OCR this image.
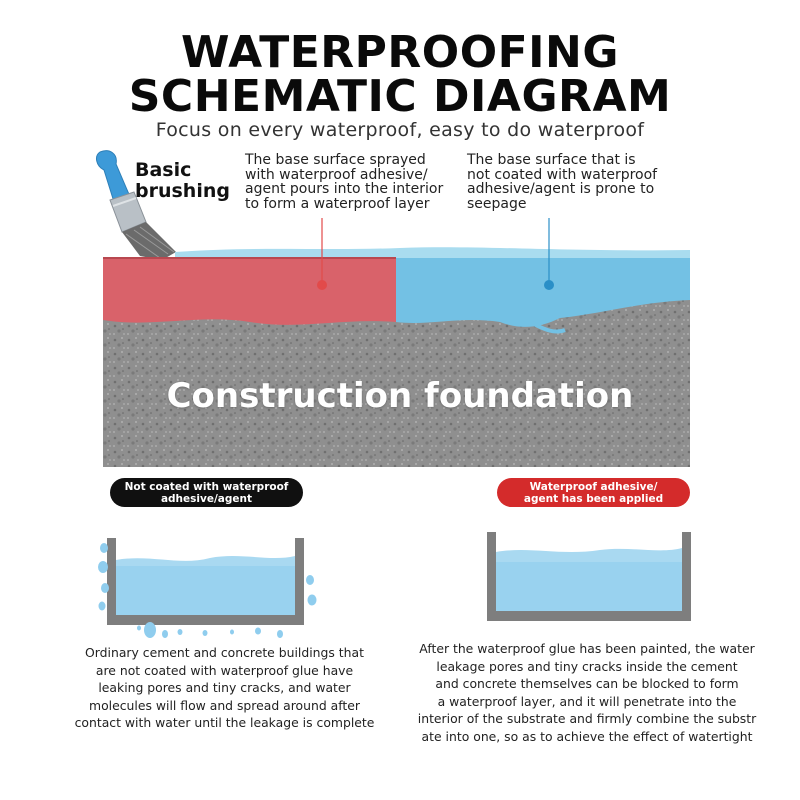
WATERPROOFING
SCHEMATIC DIAGRAM
Focus on every waterproof, easy to do waterproof
Basic
brushing
The base surface sprayed
with waterproof adhesive/
agent pours into the interior
to form a waterproof layer
The base surface that is
not coated with waterproof
adhesive/agent is prone to
seepage
Construction foundation
Not coated with waterproof
adhesive/agent
Waterproof adhesive/
agent has been applied
Ordinary cement and concrete buildings that
are not coated with waterproof glue have
leaking pores and tiny cracks, and water
molecules will flow and spread around after
contact with water until the leakage is complete
After the waterproof glue has been painted, the water
leakage pores and tiny cracks inside the cement
and concrete themselves can be blocked to form
a waterproof layer, and it will penetrate into the
interior of the substrate and firmly combine the substr
ate into one, so as to achieve the effect of watertight
